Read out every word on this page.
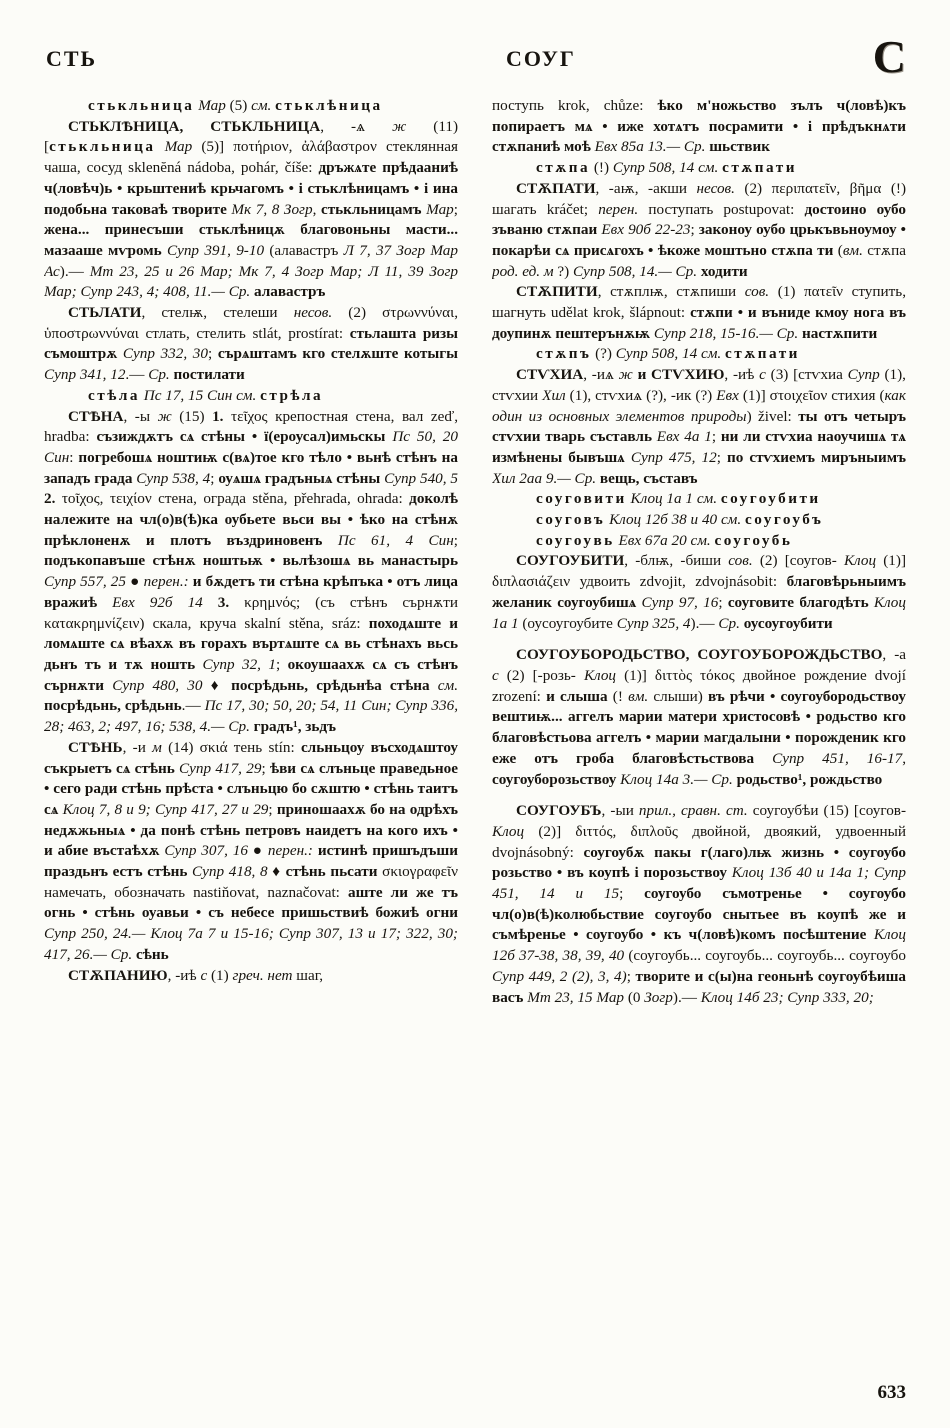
СТЬ	СОУГ	С

стькльница Мар (5) см. стьклѣница

СТЬКЛѢНИЦА, СТЬКЛЬНИЦА, -ѧ ж (11) [стькльница Мар (5)] ποτήριον, ἀλάβαστρον стеклянная чаша, сосуд sklenĕná nádoba, pohár, číše: дръжѧте прѣдааниѣ ч(ловѣч)ь • крьштениѣ крьчагомъ • і стьклѣницамъ • і ина подобьна таковаѣ творите Мк 7, 8 Зогр, стькльницамъ Мар; жена... принесъши стьклѣницѫ благовоньны масти... мазааше мѵромь Супр 391, 9-10 (алавастръ Л 7, 37 Зогр Мар Ас).— Мт 23, 25 и 26 Мар; Мк 7, 4 Зогр Мар; Л 11, 39 Зогр Мар; Супр 243, 4; 408, 11.— Ср. алавастръ

СТЬЛАТИ, стелѭ, стелеши несов. (2) στρωννύναι, ὑποστρωννύναι стлать, стелить stlát, prostírat: стьлашта ризы съмоштрѫ Супр 332, 30; сърѧштамъ кго стелѫште котыгы Супр 341, 12.— Ср. постилати

стѣла Пс 17, 15 Син см. стрѣла

СТѢНА, -ы ж (15) 1. τεῖχος крепостная стена, вал zeď, hradba: съзиждѫтъ сѧ стѣны • ї(ероусал)имьскы Пс 50, 20 Син: погребошѧ ноштиѭ с(вѧ)тое кго тѣло • вьнѣ стѣнъ на западъ града Супр 538, 4; оуѧшѧ градъныѧ стѣны Супр 540, 5 2. τοῖχος, τειχίον стена, ограда stěna, přehrada, ohrada: доколѣ належите на чл(о)в(ѣ)ка оубьете вьси вы • ѣко на стѣнѫ прѣклоненѫ и плотъ въздриновенъ Пс 61, 4 Син; подъкопавъше стѣнѫ ноштьѭ • вьлѣзошѧ вь манастырь Супр 557, 25 ● перен.: и бѫдетъ ти стѣна крѣпъка • отъ лица вражиѣ Евх 92б 14 3. κρημνός; (съ стѣнъ сърнѫти κατακρημνίζειν) скала, круча skalní stěna, sráz: походѧште и ломѧште сѧ вѣахѫ въ горахъ въртѧште сѧ вь стѣнахъ вьсь дьнъ тъ и тѫ ношть Супр 32, 1; окоушаахѫ сѧ съ стѣнъ сърнѫти Супр 480, 30 ♦ посрѣдьнь, срѣдьнѣа стѣна см. посрѣдьнь, срѣдьнь.— Пс 17, 30; 50, 20; 54, 11 Син; Супр 336, 28; 463, 2; 497, 16; 538, 4.— Ср. градъ¹, зьдъ

СТѢНЬ, -и м (14) σκιά тень stín: сльньцоу въсходѧштоу съкрыетъ сѧ стѣнь Супр 417, 29; ѣви сѧ слъньце праведьное • сего ради стѣнь прѣста • слъньцю бо сѫштю • стѣнь таитъ сѧ Клоц 7, 8 и 9; Супр 417, 27 и 29; приношаахѫ бо на одрѣхъ недѫжьныѧ • да понѣ стѣнь петровъ наидетъ на кого ихъ • и абие въстаѣхѫ Супр 307, 16 ● перен.: истинѣ пришъдъши праздьнъ естъ стѣнь Супр 418, 8 ♦ стѣнь пьсати σκιογραφεῖν намечать, обозначать nastiňovat, naznačovat: аште ли же тъ огнь • стѣнь оуавьи • съ небесе пришьствиѣ божиѣ огни Супр 250, 24.— Клоц 7а 7 и 15-16; Супр 307, 13 и 17; 322, 30; 417, 26.— Ср. сѣнь

СТѪПАНИЮ, -иѣ с (1) греч. нет шаг,

поступь krok, chůze: ѣко м'ножьство зълъ ч(ловѣ)къ попираетъ мѧ • иже хотѧтъ посрамити • і прѣдъкнѧти стѫпаниѣ моѣ Евх 85а 13.— Ср. шьствик

стѫпа (!) Супр 508, 14 см. стѫпати

СТѪПАТИ, -аѭ, -акши несов. (2) περιπατεῖν, βῆμα (!) шагать kráčet; перен. поступать postupovat: достоино оубо зъваню стѫпаи Евх 90б 22-23; законоу оубо црькъвьноумоу • покарѣи сѧ присѧгохъ • ѣкоже моштьно стѫпа ти (вм. стѫпа род. ед. м ?) Супр 508, 14.— Ср. ходити

СТѪПИТИ, стѫплѭ, стѫпиши сов. (1) πατεῖν ступить, шагнуть udělat krok, šlápnout: стѫпи • и въниде кмоу нога въ доупинѫ пештерънѫѭ Супр 218, 15-16.— Ср. настѫпити

стѫпъ (?) Супр 508, 14 см. стѫпати

СТѴХИА, -иѧ ж и СТѴХИЮ, -иѣ с (3) [стѵхиа Супр (1), стѵхии Хил (1), стѵхиѧ (?), -ик (?) Евх (1)] στοιχεῖον стихия (как один из основных элементов природы) živel: ты отъ четыръ стѵхии тварь съставль Евх 4а 1; ни ли стѵхиа наоучишѧ тѧ измѣнены бывъшѧ Супр 475, 12; по стѵхиемъ миръныимъ Хил 2аа 9.— Ср. вещь, съставъ

соуговити Клоц 1а 1 см. соугоубити

соуговъ Клоц 12б 38 и 40 см. соугоубъ

соугоувь Евх 67а 20 см. соугоубь

СОУГОУБИТИ, -блѭ, -биши сов. (2) [соугов- Клоц (1)] διπλασιάζειν удвоить zdvojit, zdvojnásobit: благовѣрьныимъ желаник соугоубишѧ Супр 97, 16; соуговите благодѣть Клоц 1а 1 (оусоугоубите Супр 325, 4).— Ср. оусоугоубити

СОУГОУБОРОДЬСТВО, СОУГОУБОРОЖДЬСТВО, -а с (2) [-розь- Клоц (1)] διττὸς τόκος двойное рождение dvojí zrození: и слыша (! вм. слыши) въ рѣчи • соугоубородьствоу вештиѭ... аггелъ марии матери христосовѣ • родьство кго благовѣстьова аггелъ • марии магдалыни • порожденик кго еже отъ гроба благовѣстьствова Супр 451, 16-17, соугоуборозьствоу Клоц 14а 3.— Ср. родьство¹, рождьство

СОУГОУБЪ, -ыи прил., сравн. ст. соугоубѣи (15) [соугов- Клоц (2)] διττός, διπλοῦς двойной, двоякий, удвоенный dvojnásobný: соугоубѫ пакы г(лаго)лѭ жизнь • соугоубо розьство • въ коупѣ і порозьствоу Клоц 13б 40 и 14а 1; Супр 451, 14 и 15; соугоубо съмотренье • соугоубо чл(о)в(ѣ)колюбьствие соугоубо снытьее въ коупѣ же и съмѣренье • соугоубо • къ ч(ловѣ)комъ посѣштение Клоц 12б 37-38, 38, 39, 40 (соугоубь... соугоубь... соугоубь... соугоубо Супр 449, 2 (2), 3, 4); творите и с(ы)на геоньнѣ соугоубѣиша васъ Мт 23, 15 Мар (0 Зогр).— Клоц 14б 23; Супр 333, 20;

633
